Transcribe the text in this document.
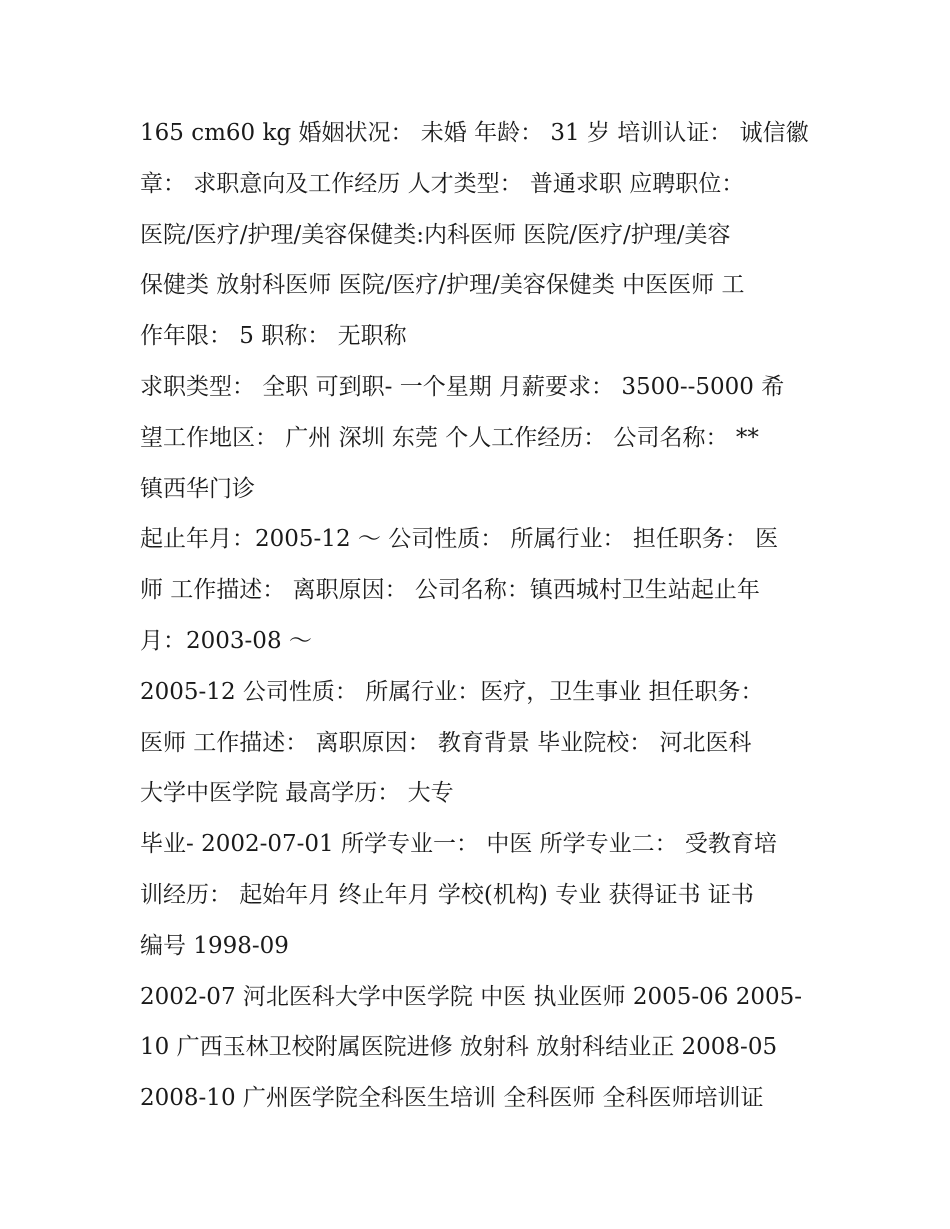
165 cm60 kg 婚姻状况： 未婚 年龄： 31 岁 培训认证： 诚信徽
章： 求职意向及工作经历 人才类型： 普通求职 应聘职位：
医院/医疗/护理/美容保健类:内科医师 医院/医疗/护理/美容
保健类 放射科医师 医院/医疗/护理/美容保健类 中医医师 工
作年限： 5 职称： 无职称
求职类型： 全职 可到职- 一个星期 月薪要求： 3500--5000 希
望工作地区： 广州 深圳 东莞 个人工作经历： 公司名称： **
镇西华门诊
起止年月：2005-12 ～ 公司性质： 所属行业： 担任职务： 医
师 工作描述： 离职原因： 公司名称：镇西城村卫生站起止年
月：2003-08 ～
2005-12 公司性质： 所属行业：医疗，卫生事业 担任职务：
医师 工作描述： 离职原因： 教育背景 毕业院校： 河北医科
大学中医学院 最高学历： 大专
毕业- 2002-07-01 所学专业一： 中医 所学专业二： 受教育培
训经历： 起始年月 终止年月 学校(机构) 专业 获得证书 证书
编号 1998-09
2002-07 河北医科大学中医学院 中医 执业医师 2005-06 2005-
10 广西玉林卫校附属医院进修 放射科 放射科结业正 2008-05
2008-10 广州医学院全科医生培训 全科医师 全科医师培训证
